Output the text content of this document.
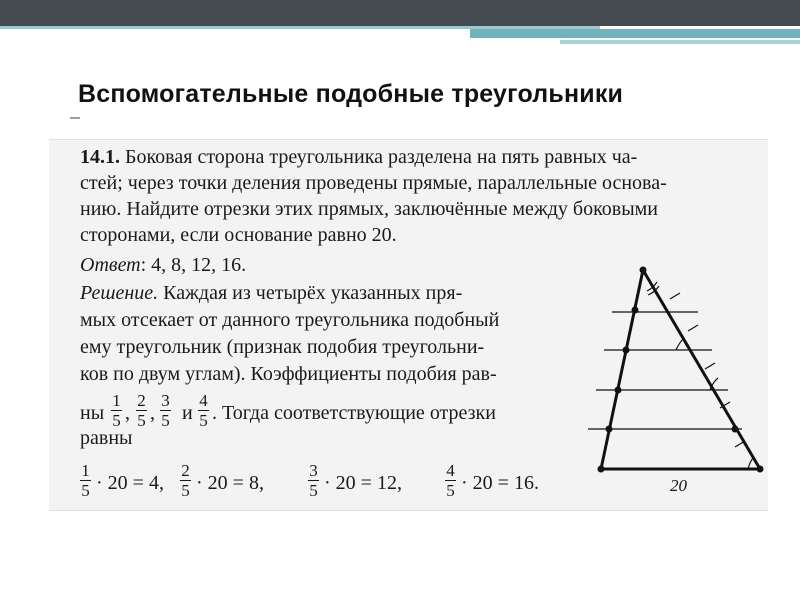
Вспомогательные подобные треугольники
14.1. Боковая сторона треугольника разделена на пять равных ча-
стей; через точки деления проведены прямые, параллельные основа-
нию. Найдите отрезки этих прямых, заключённые между боковыми
сторонами, если основание равно 20.
Ответ: 4, 8, 12, 16.
Решение. Каждая из четырёх указанных пря-
мых отсекает от данного треугольника подобный
ему треугольник (признак подобия треугольни-
ков по двум углам). Коэффициенты подобия рав-
ны
1
5 ,
2
5 ,
3
5 и
4
5 . Тогда соответствующие отрезки
равны
1
5 · 20 = 4,
2
5 · 20 = 8,
3
5 · 20 = 12,
4
5 · 20 = 16.	20
